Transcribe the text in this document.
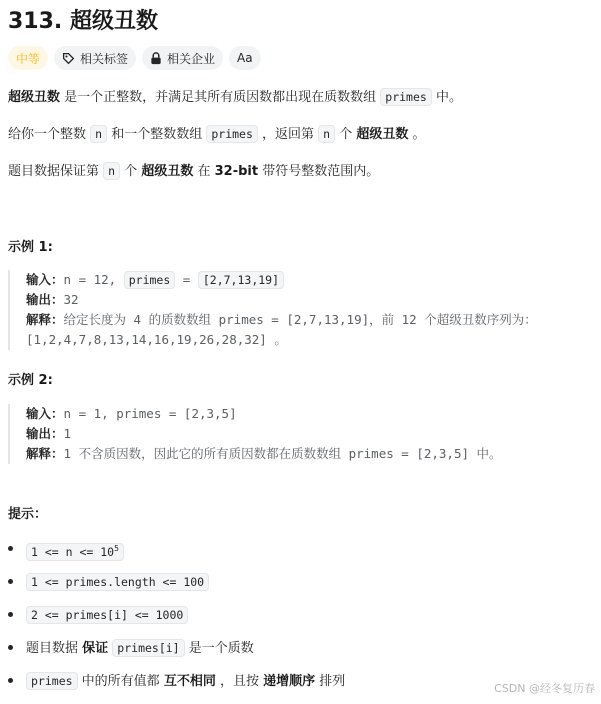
313. 超级丑数
中等	相关标签	相关企业 Aa
超级丑数 是一个正整数，并满足其所有质因数都出现在质数数组 primes 中。
给你一个整数 n 和一个整数数组 primes ，返回第 n 个 超级丑数 。
题目数据保证第 n 个 超级丑数 在 32-bit 带符号整数范围内。
示例 1:
输入：n = 12, primes = [2,7,13,19]
输出：32
解释：给定长度为 4 的质数数组 primes = [2,7,13,19]，前 12 个超级丑数序列为：
[1,2,4,7,8,13,14,16,19,26,28,32] 。
示例 2:
输入：n = 1, primes = [2,3,5]
输出：1
解释：1 不含质因数，因此它的所有质因数都在质数数组 primes = [2,3,5] 中。
提示：
$1 <= n <= 10^5$
1 <= primes.length <= 100
2 <= primes[i] <= 1000
题目数据 保证 primes[i] 是一个质数
primes 中的所有值都 互不相同 ，且按 递增顺序 排列	CSDN @经冬复历春
